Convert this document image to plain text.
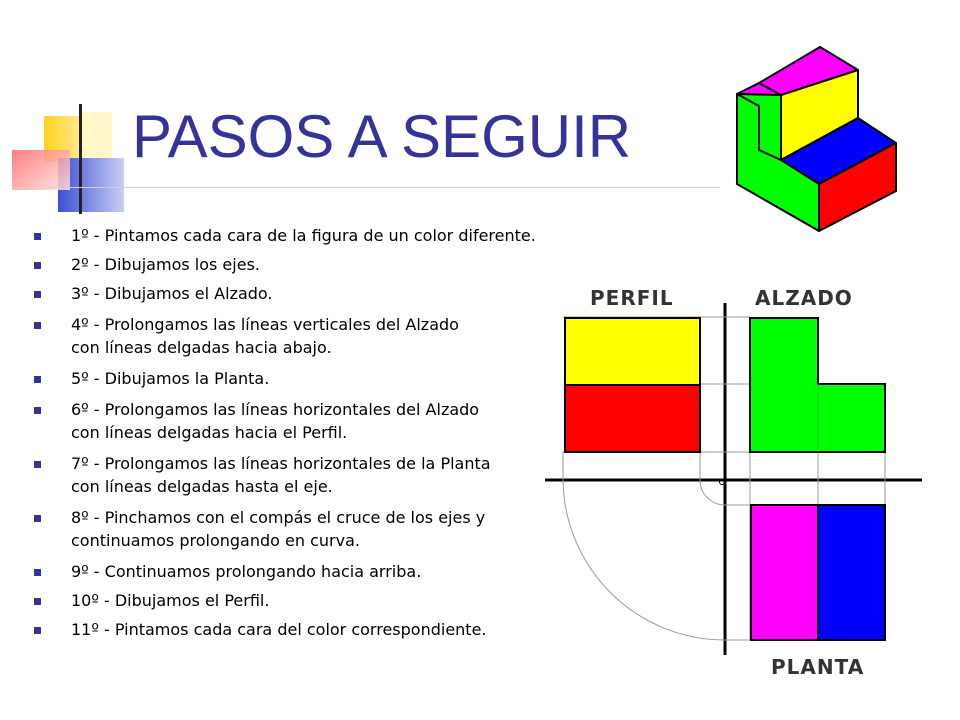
PASOS A SEGUIR
1º - Pintamos cada cara de la figura de un color diferente.
2º - Dibujamos los ejes.
3º - Dibujamos el Alzado.
4º - Prolongamos las líneas verticales del Alzado con líneas delgadas hacia abajo.
5º - Dibujamos la Planta.
6º - Prolongamos las líneas horizontales del Alzado con líneas delgadas hacia el Perfil.
7º - Prolongamos las líneas horizontales de la Planta con líneas delgadas hasta el eje.
8º - Pinchamos con el compás el cruce de los ejes y continuamos prolongando en curva.
9º - Continuamos prolongando hacia arriba.
10º - Dibujamos el Perfil.
11º - Pintamos cada cara del color correspondiente.
PERFIL	ALZADO
PLANTA
